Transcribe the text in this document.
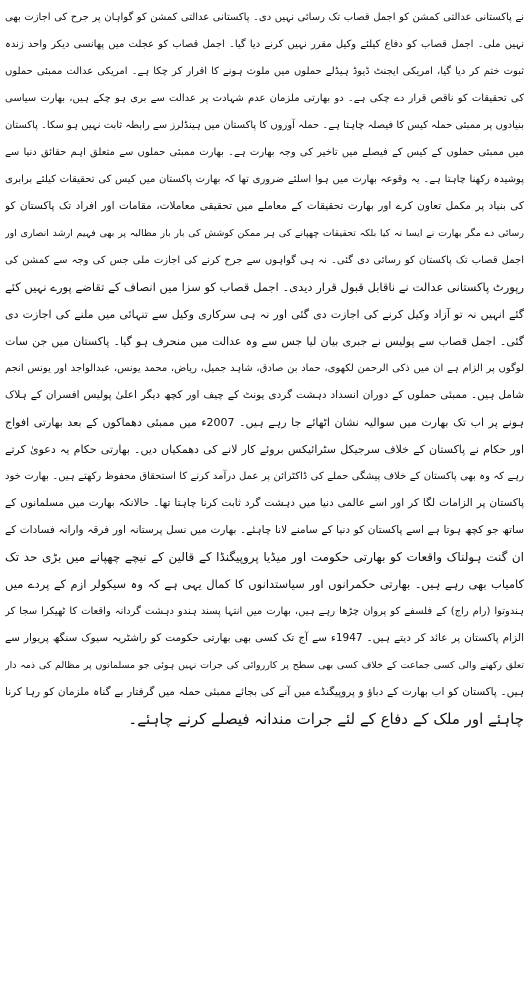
نے پاکستانی عدالتی کمشن کو اجمل قصاب تک رسائی نہیں دی۔ پاکستانی عدالتی کمشن کو گواہان پر جرح کی اجازت بھی
نہیں ملی۔ اجمل قصاب کو دفاع کیلئے وکیل مقرر نہیں کرنے دیا گیا۔ اجمل قصاب کو عجلت میں پھانسی دیکر واحد زندہ
ثبوت ختم کر دیا گیا، امریکی ایجنٹ ڈیوڈ ہیڈلے حملوں میں ملوث ہونے کا اقرار کر چکا ہے۔ امریکی عدالت ممبئی حملوں
کی تحقیقات کو ناقص قرار دے چکی ہے۔ دو بھارتی ملزمان عدم شہادت پر عدالت سے بری ہو چکے ہیں، بھارت سیاسی
بنیادوں پر ممبئی حملہ کیس کا فیصلہ چاہتا ہے۔ حملہ آوروں کا پاکستان میں ہینڈلرز سے رابطہ ثابت نہیں ہو سکا۔ پاکستان
میں ممبئی حملوں کے کیس کے فیصلے میں تاخیر کی وجہ بھارت ہے۔ بھارت ممبئی حملوں سے متعلق اہم حقائق دنیا سے
پوشیدہ رکھنا چاہتا ہے۔ یہ وقوعہ بھارت میں ہوا اسلئے ضروری تھا کہ بھارت پاکستان میں کیس کی تحقیقات کیلئے برابری
کی بنیاد پر مکمل تعاون کرے اور بھارت تحقیقات کے معاملے میں تحقیقی معاملات، مقامات اور افراد تک پاکستان کو
رسائی دے مگر بھارت نے ایسا نہ کیا بلکہ تحقیقات چھپانے کی ہر ممکن کوشش کی بار بار مطالبہ پر بھی فہیم ارشد انصاری اور
اجمل قصاب تک پاکستان کو رسائی دی گئی۔ نہ ہی گواہوں سے جرح کرنے کی اجازت ملی جس کی وجہ سے کمشن کی
رپورٹ پاکستانی عدالت نے ناقابل قبول قرار دیدی۔ اجمل قصاب کو سزا میں انصاف کے تقاضے پورے نہیں کئے
گئے انہیں نہ تو آزاد وکیل کرنے کی اجازت دی گئی اور نہ ہی سرکاری وکیل سے تنہائی میں ملنے کی اجازت دی
گئی۔ اجمل قصاب سے پولیس نے جبری بیان لیا جس سے وہ عدالت میں منحرف ہو گیا۔ پاکستان میں جن سات
لوگوں پر الزام ہے ان میں ذکی الرحمن لکھوی، حماد بن صادق، شاہد جمیل، ریاض، محمد یونس، عبدالواجد اور یونس انجم
شامل ہیں۔ ممبئی حملوں کے دوران انسداد دہشت گردی یونٹ کے چیف اور کچھ دیگر اعلیٰ پولیس افسران کے ہلاک
ہونے پر اب تک بھارت میں سوالیہ نشان اٹھائے جا رہے ہیں۔ 2007ء میں ممبئی دھماکوں کے بعد بھارتی افواج
اور حکام نے پاکستان کے خلاف سرجیکل سٹرائیکس بروئے کار لانے کی دھمکیاں دیں۔ بھارتی حکام یہ دعویٰ کرتے
رہے کہ وہ بھی پاکستان کے خلاف پیشگی حملے کی ڈاکٹرائن پر عمل درآمد کرنے کا استحقاق محفوظ رکھتے ہیں۔ بھارت خود
پاکستان پر الزامات لگا کر اور اسے عالمی دنیا میں دہشت گرد ثابت کرنا چاہتا تھا۔ حالانکہ بھارت میں مسلمانوں کے
ساتھ جو کچھ ہوتا ہے اسے پاکستان کو دنیا کے سامنے لانا چاہئے۔ بھارت میں نسل پرستانہ اور فرقہ وارانہ فسادات کے
ان گنت ہولناک واقعات کو بھارتی حکومت اور میڈیا پروپیگنڈا کے قالین کے نیچے چھپانے میں بڑی حد تک
کامیاب بھی رہے ہیں۔ بھارتی حکمرانوں اور سیاستدانوں کا کمال یہی ہے کہ وہ سیکولر ازم کے پردے میں
ہندوتوا (رام راج) کے فلسفے کو پروان چڑھا رہے ہیں، بھارت میں انتہا پسند ہندو دہشت گردانہ واقعات کا ٹھیکرا سجا کر
الزام پاکستان پر عائد کر دیتے ہیں۔ 1947ء سے آج تک کسی بھی بھارتی حکومت کو راشٹریہ سیوک سنگھ پریوار سے
تعلق رکھنے والی کسی جماعت کے خلاف کسی بھی سطح پر کارروائی کی جرات نہیں ہوئی جو مسلمانوں پر مظالم کی ذمہ دار
ہیں۔ پاکستان کو اب بھارت کے دباؤ و پروپیگنڈے میں آنے کی بجائے ممبئی حملہ میں گرفتار بے گناہ ملزمان کو رہا کرنا
چاہئے اور ملک کے دفاع کے لئے جرات مندانہ فیصلے کرنے چاہئے۔
